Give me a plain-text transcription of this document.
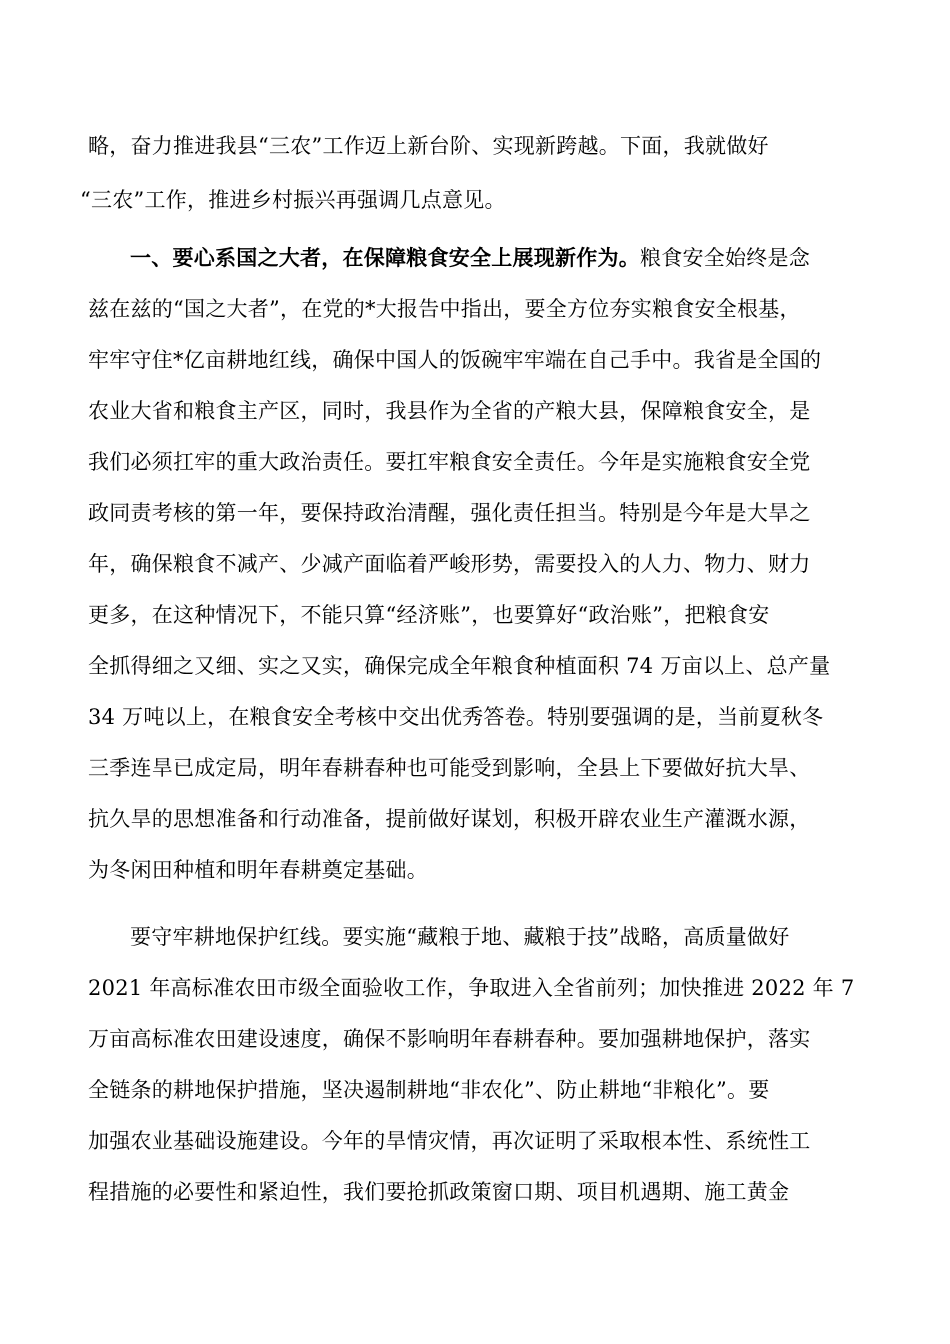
略，奋力推进我县“三农”工作迈上新台阶、实现新跨越。下面，我就做好
“三农”工作，推进乡村振兴再强调几点意见。
一、要心系国之大者，在保障粮食安全上展现新作为。粮食安全始终是念
兹在兹的“国之大者”，在党的*大报告中指出，要全方位夯实粮食安全根基，
牢牢守住*亿亩耕地红线，确保中国人的饭碗牢牢端在自己手中。我省是全国的
农业大省和粮食主产区，同时，我县作为全省的产粮大县，保障粮食安全，是
我们必须扛牢的重大政治责任。要扛牢粮食安全责任。今年是实施粮食安全党
政同责考核的第一年，要保持政治清醒，强化责任担当。特别是今年是大旱之
年，确保粮食不减产、少减产面临着严峻形势，需要投入的人力、物力、财力
更多，在这种情况下，不能只算“经济账”，也要算好“政治账”，把粮食安
全抓得细之又细、实之又实，确保完成全年粮食种植面积 74 万亩以上、总产量
34 万吨以上，在粮食安全考核中交出优秀答卷。特别要强调的是，当前夏秋冬
三季连旱已成定局，明年春耕春种也可能受到影响，全县上下要做好抗大旱、
抗久旱的思想准备和行动准备，提前做好谋划，积极开辟农业生产灌溉水源，
为冬闲田种植和明年春耕奠定基础。
要守牢耕地保护红线。要实施“藏粮于地、藏粮于技”战略，高质量做好
2021 年高标准农田市级全面验收工作，争取进入全省前列；加快推进 2022 年 7
万亩高标准农田建设速度，确保不影响明年春耕春种。要加强耕地保护，落实
全链条的耕地保护措施，坚决遏制耕地“非农化”、防止耕地“非粮化”。要
加强农业基础设施建设。今年的旱情灾情，再次证明了采取根本性、系统性工
程措施的必要性和紧迫性，我们要抢抓政策窗口期、项目机遇期、施工黄金
